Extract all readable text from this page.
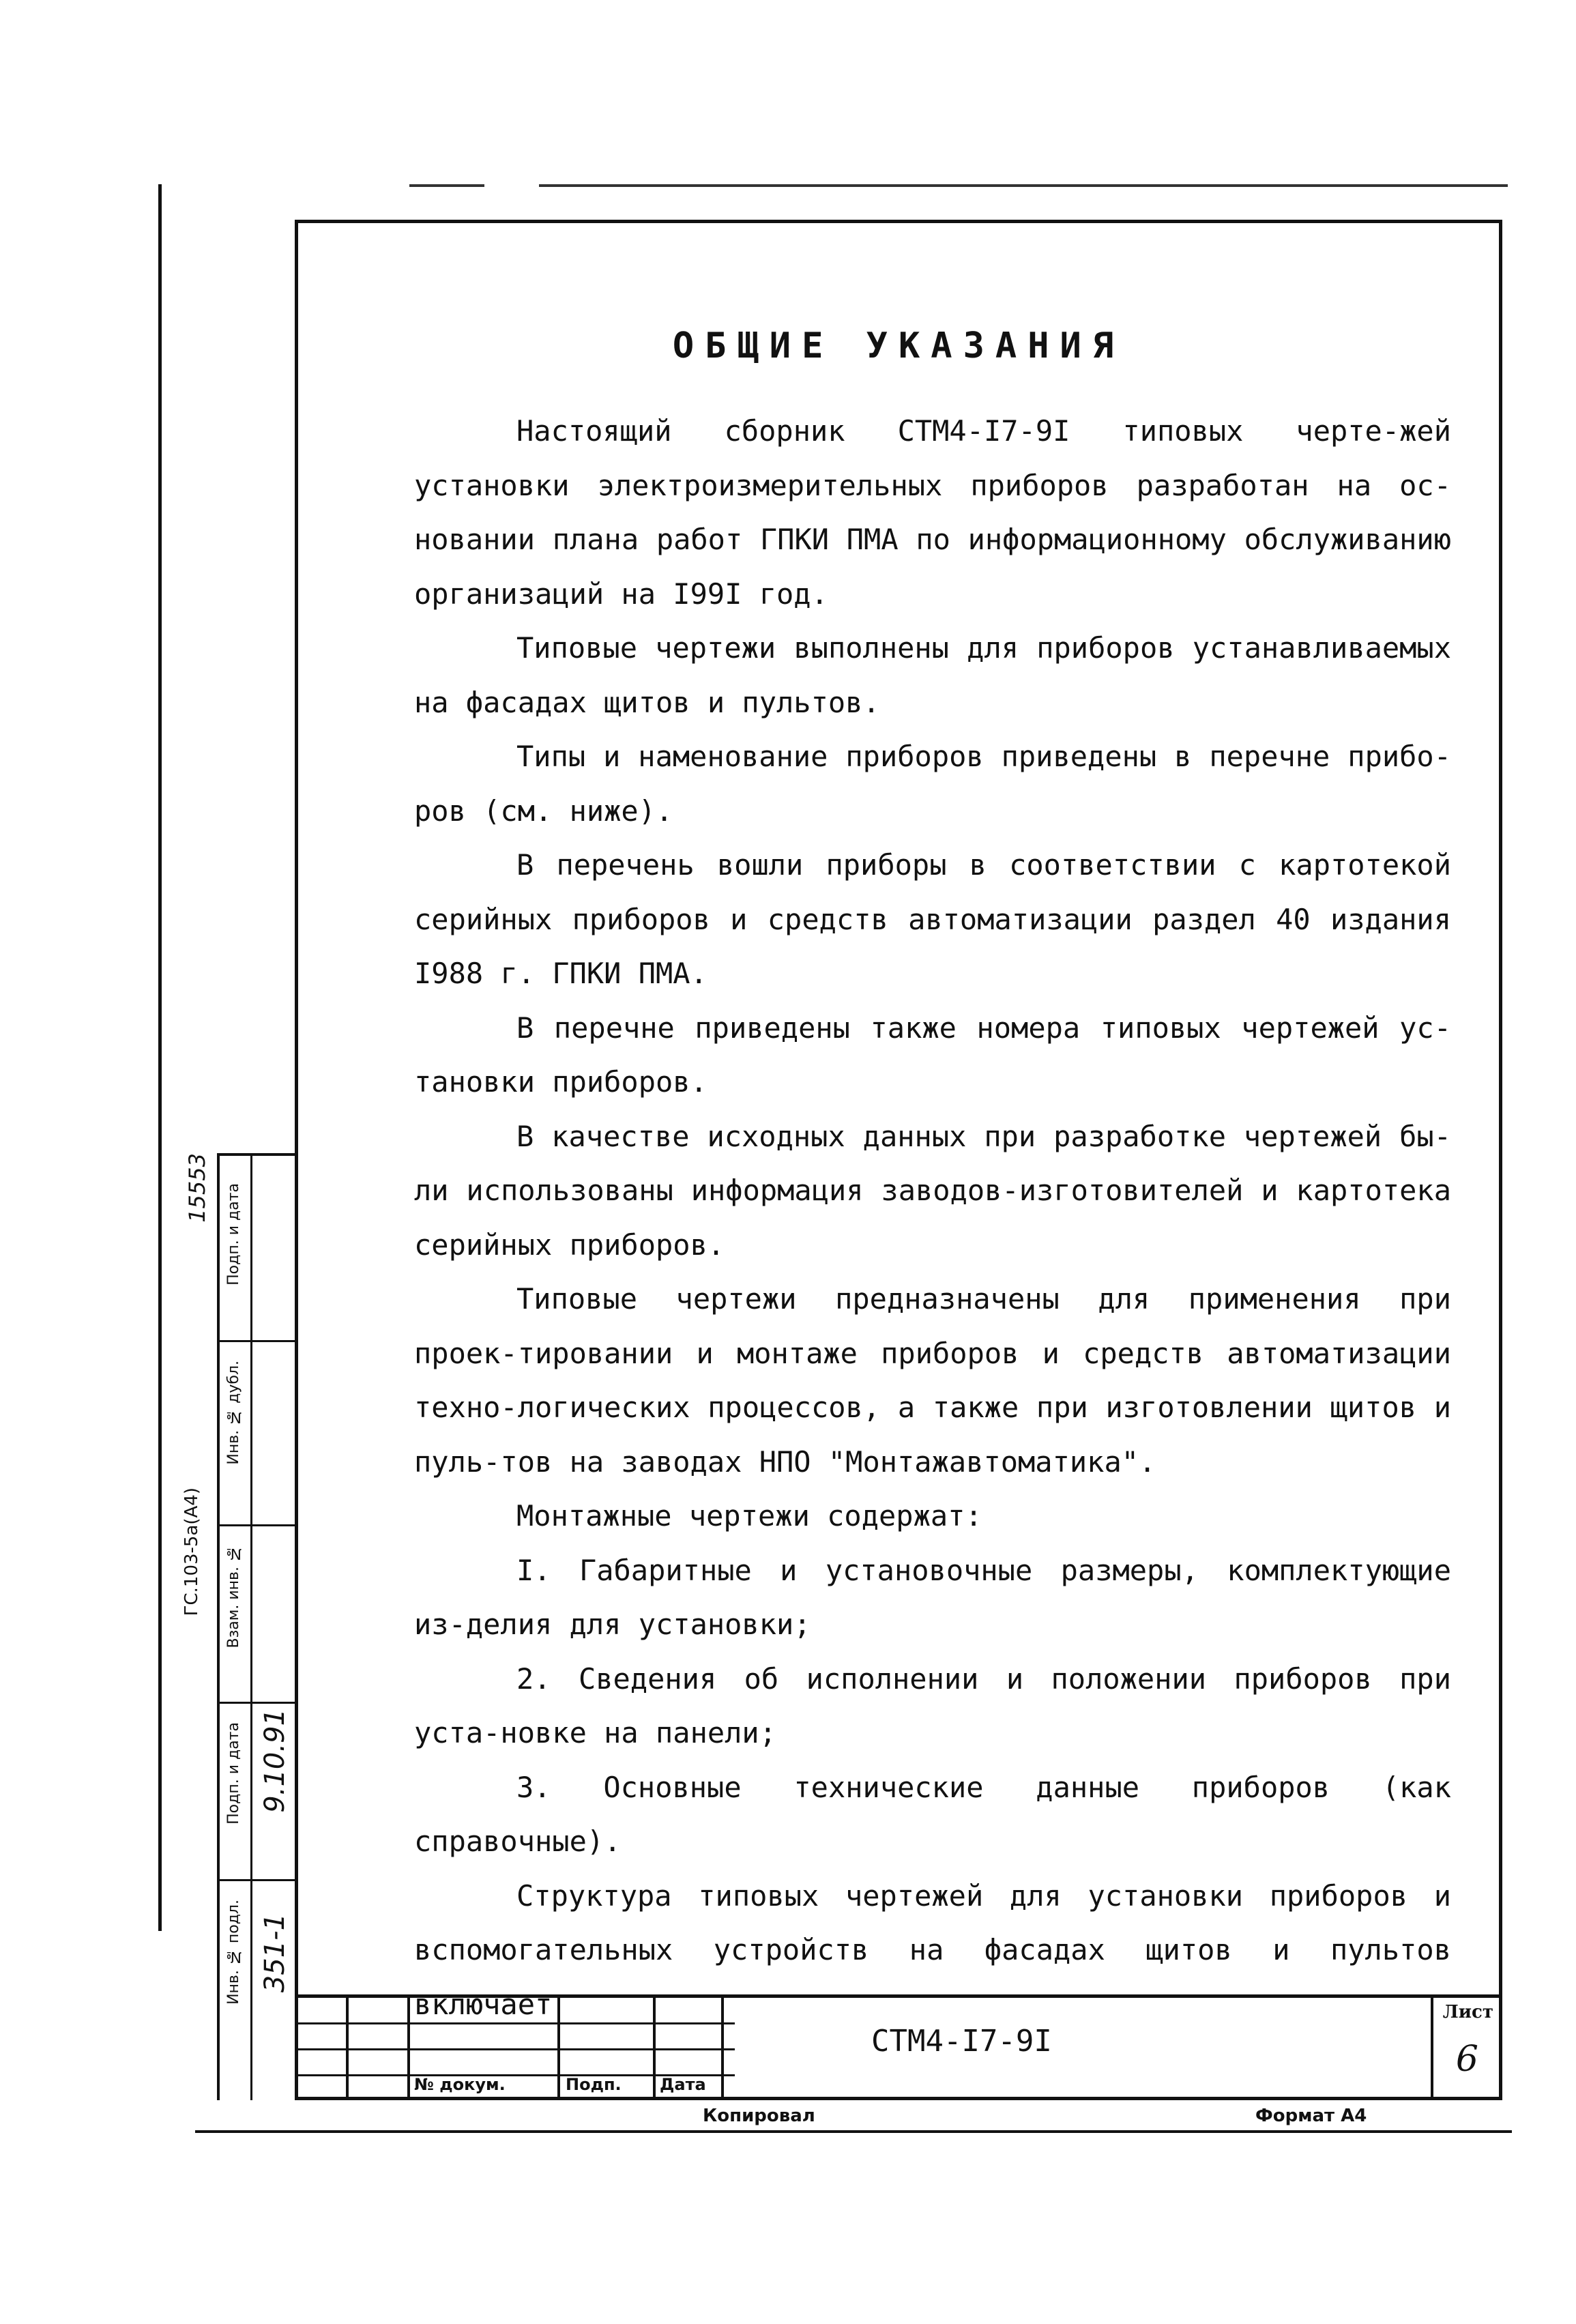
ОБЩИЕ УКАЗАНИЯ

Настоящий сборник СТМ4-I7-9I типовых черте-жей установки электроизмерительных приборов разработан на ос-новании плана работ ГПКИ ПМА по информационному обслуживанию организаций на I99I год.

Типовые чертежи выполнены для приборов устанавливаемых на фасадах щитов и пультов.

Типы и наменование приборов приведены в перечне прибо-ров (см. ниже).

В перечень вошли приборы в соответствии с картотекой серийных приборов и средств автоматизации раздел 40 издания I988 г. ГПКИ ПМА.

В перечне приведены также номера типовых чертежей ус-тановки приборов.

В качестве исходных данных при разработке чертежей бы-ли использованы информация заводов-изготовителей и картотека серийных приборов.

Типовые чертежи предназначены для применения при проек-тировании и монтаже приборов и средств автоматизации техно-логических процессов, а также при изготовлении щитов и пуль-тов на заводах НПО "Монтажавтоматика".

Монтажные чертежи содержат:

I. Габаритные и установочные размеры, комплектующие из-делия для установки;

2. Сведения об исполнении и положении приборов при уста-новке на панели;

3. Основные технические данные приборов (как справочные).

Структура типовых чертежей для установки приборов и вспомогательных устройств на фасадах щитов и пультов включает

№ докум.	Подп. Дата
СТМ4-I7-9I
Лист
6
Подп. и дата
Инв. № дубл.
Взам. инв. №
Подп. и дата
Инв. № подл.
9.10.91
351-1
ГС.103-5а(А4)
15553
Копировал	Формат А4
